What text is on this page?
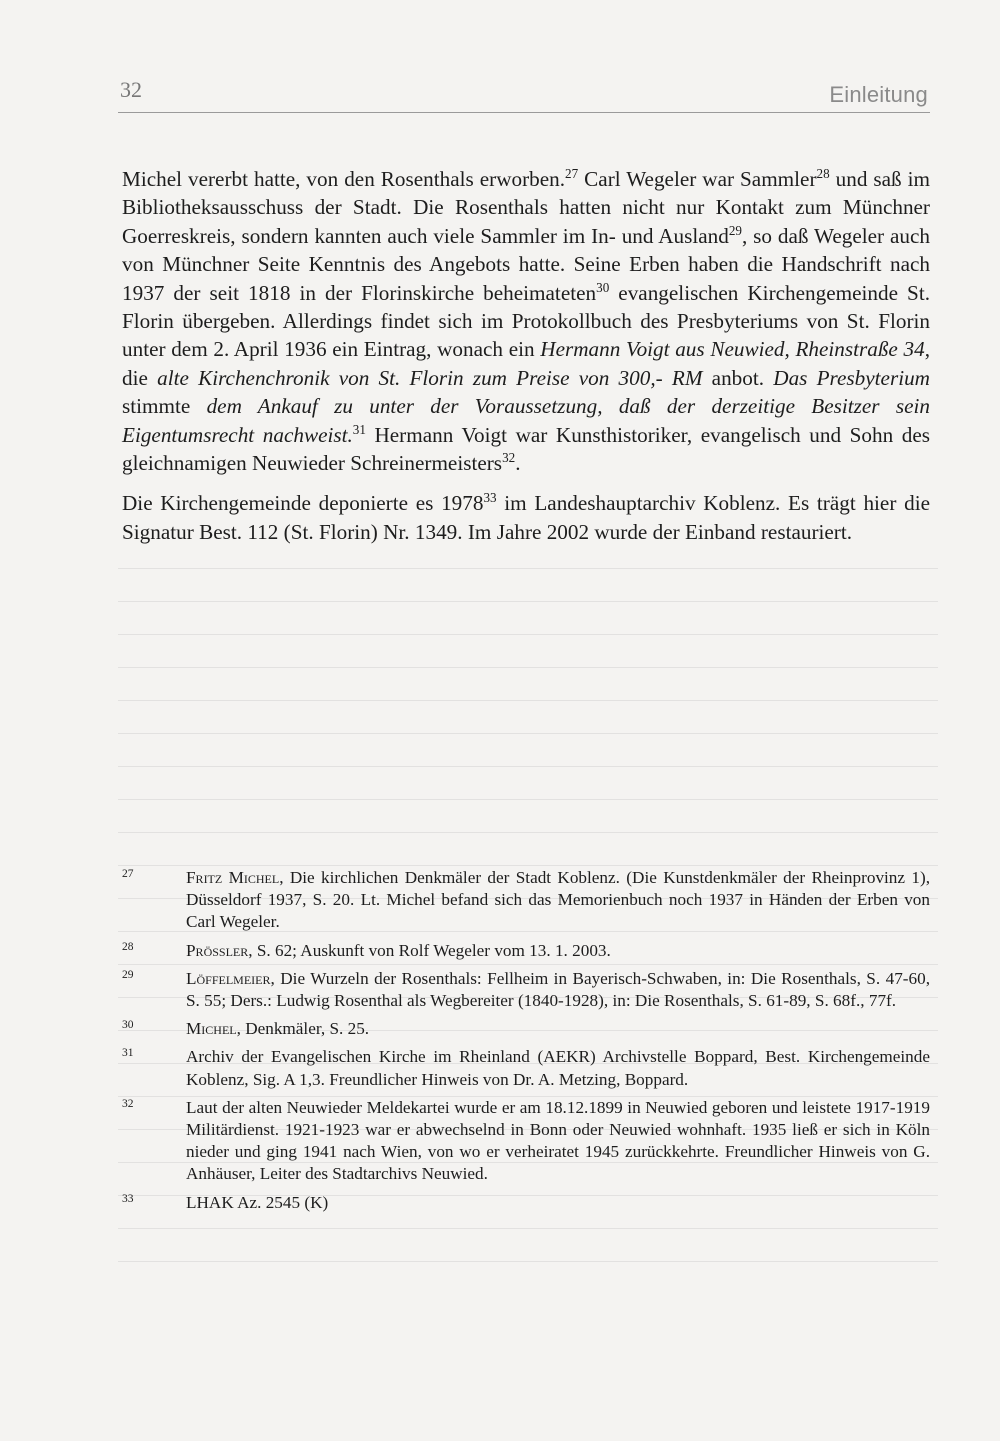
32	Einleitung

Michel vererbt hatte, von den Rosenthals erworben.$^{27}$ Carl Wegeler war Sammler$^{28}$ und saß im Bibliotheksausschuss der Stadt. Die Rosenthals hatten nicht nur Kontakt zum Münchner Goerreskreis, sondern kannten auch viele Sammler im In- und Ausland$^{29}$, so daß Wegeler auch von Münchner Seite Kenntnis des Angebots hatte. Seine Erben haben die Handschrift nach 1937 der seit 1818 in der Florinskirche beheimateten$^{30}$ evangelischen Kirchengemeinde St. Florin übergeben. Allerdings findet sich im Protokollbuch des Presbyteriums von St. Florin unter dem 2. April 1936 ein Eintrag, wonach ein Hermann Voigt aus Neuwied, Rheinstraße 34, die alte Kirchenchronik von St. Florin zum Preise von 300,- RM anbot. Das Presbyterium stimmte dem Ankauf zu unter der Voraussetzung, daß der derzeitige Besitzer sein Eigentumsrecht nachweist.$^{31}$ Hermann Voigt war Kunsthistoriker, evangelisch und Sohn des gleichnamigen Neuwieder Schreinermeisters$^{32}$.

Die Kirchengemeinde deponierte es 1978$^{33}$ im Landeshauptarchiv Koblenz. Es trägt hier die Signatur Best. 112 (St. Florin) Nr. 1349. Im Jahre 2002 wurde der Einband restauriert.

27	Fritz Michel, Die kirchlichen Denkmäler der Stadt Koblenz. (Die Kunstdenkmäler der Rheinprovinz 1), Düsseldorf 1937, S. 20. Lt. Michel befand sich das Memorienbuch noch 1937 in Händen der Erben von Carl Wegeler.
28	Prößler, S. 62; Auskunft von Rolf Wegeler vom 13. 1. 2003.
29	Löffelmeier, Die Wurzeln der Rosenthals: Fellheim in Bayerisch-Schwaben, in: Die Rosenthals, S. 47-60, S. 55; Ders.: Ludwig Rosenthal als Wegbereiter (1840-1928), in: Die Rosenthals, S. 61-89, S. 68f., 77f.
30	Michel, Denkmäler, S. 25.
31	Archiv der Evangelischen Kirche im Rheinland (AEKR) Archivstelle Boppard, Best. Kirchengemeinde Koblenz, Sig. A 1,3. Freundlicher Hinweis von Dr. A. Metzing, Boppard.
32	Laut der alten Neuwieder Meldekartei wurde er am 18.12.1899 in Neuwied geboren und leistete 1917-1919 Militärdienst. 1921-1923 war er abwechselnd in Bonn oder Neuwied wohnhaft. 1935 ließ er sich in Köln nieder und ging 1941 nach Wien, von wo er verheiratet 1945 zurückkehrte. Freundlicher Hinweis von G. Anhäuser, Leiter des Stadtarchivs Neuwied.
33	LHAK Az. 2545 (K)
